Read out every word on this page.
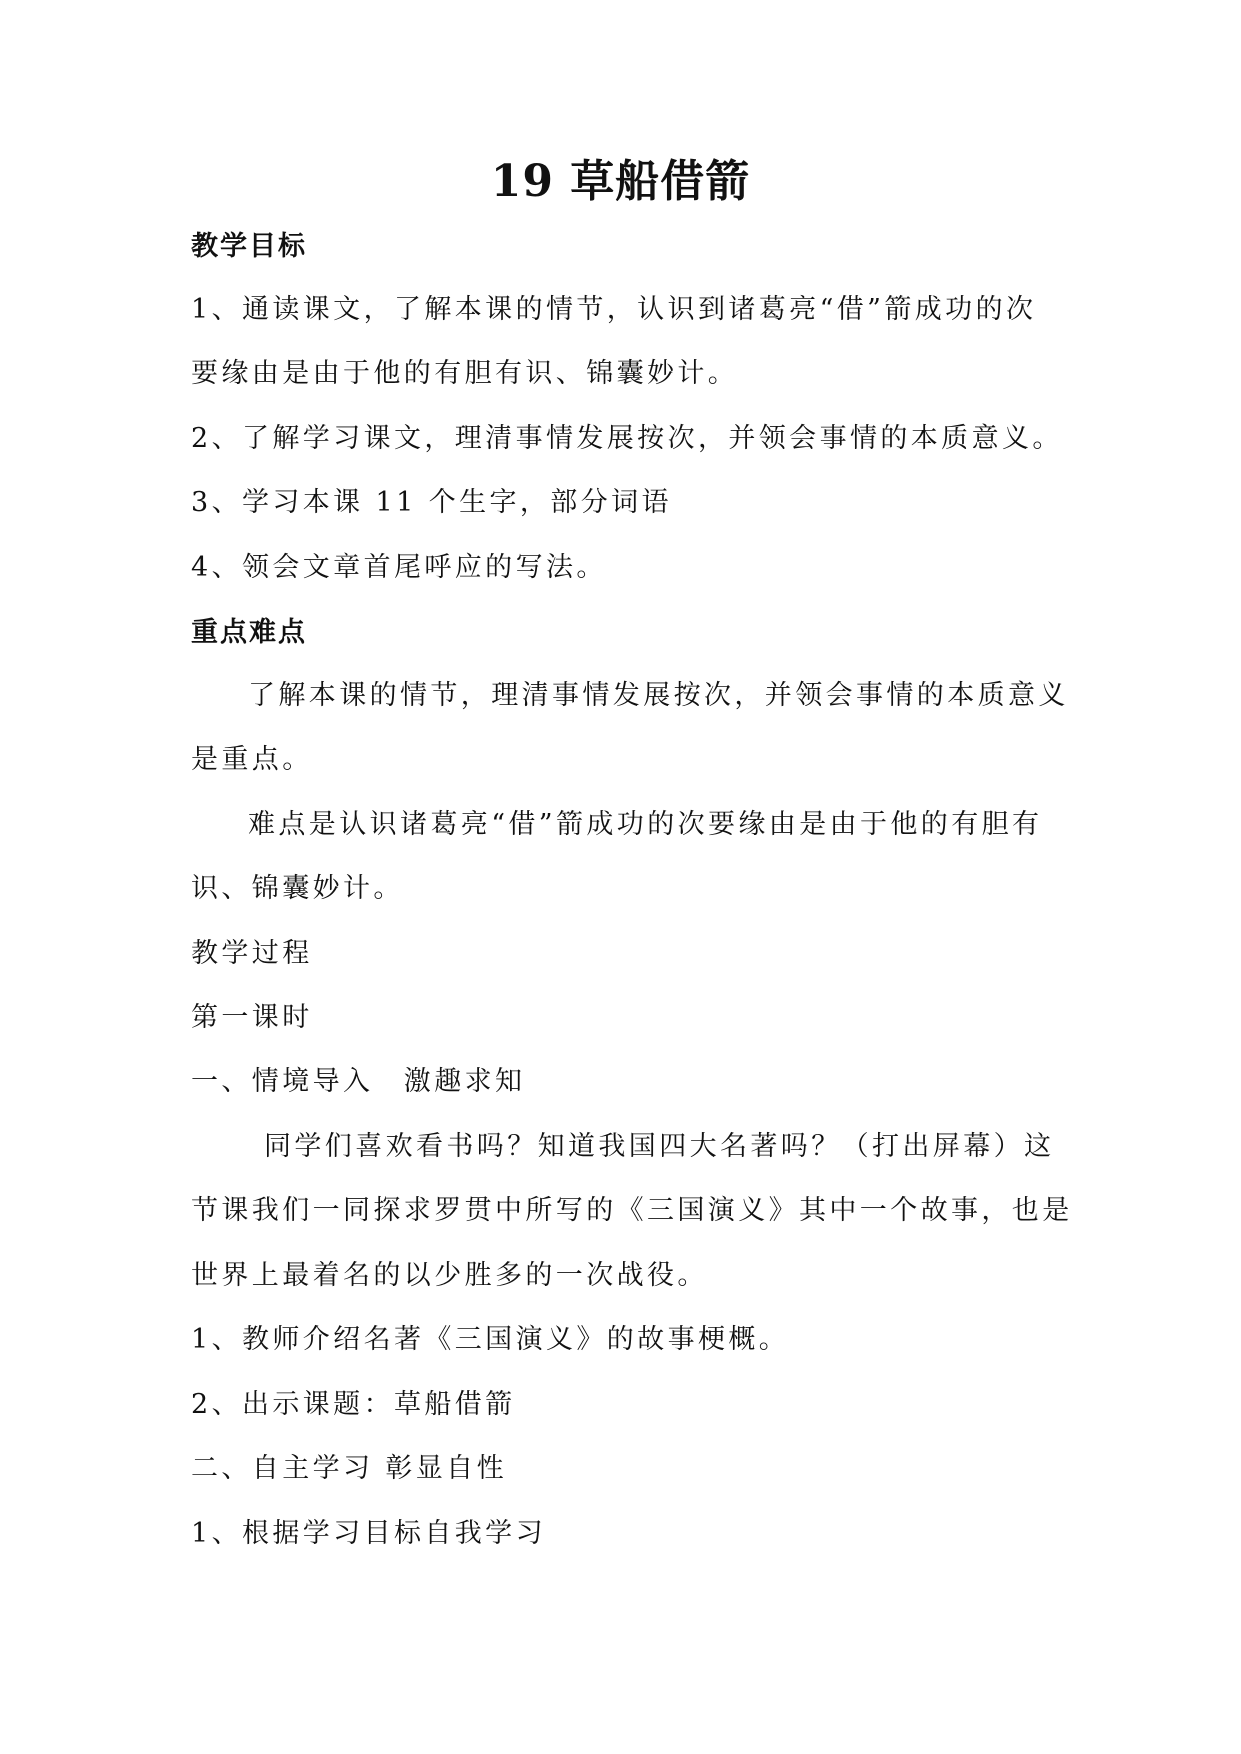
19 草船借箭
教学目标
1、通读课文，了解本课的情节，认识到诸葛亮“借”箭成功的次
要缘由是由于他的有胆有识、锦囊妙计。
2、了解学习课文，理清事情发展按次，并领会事情的本质意义。
3、学习本课 11 个生字，部分词语
4、领会文章首尾呼应的写法。
重点难点
了解本课的情节，理清事情发展按次，并领会事情的本质意义
是重点。
难点是认识诸葛亮“借”箭成功的次要缘由是由于他的有胆有
识、锦囊妙计。
教学过程
第一课时
一、情境导入　激趣求知
同学们喜欢看书吗？知道我国四大名著吗？（打出屏幕）这
节课我们一同探求罗贯中所写的《三国演义》其中一个故事，也是
世界上最着名的以少胜多的一次战役。
1、教师介绍名著《三国演义》的故事梗概。
2、出示课题：草船借箭
二、自主学习 彰显自性
1、根据学习目标自我学习
